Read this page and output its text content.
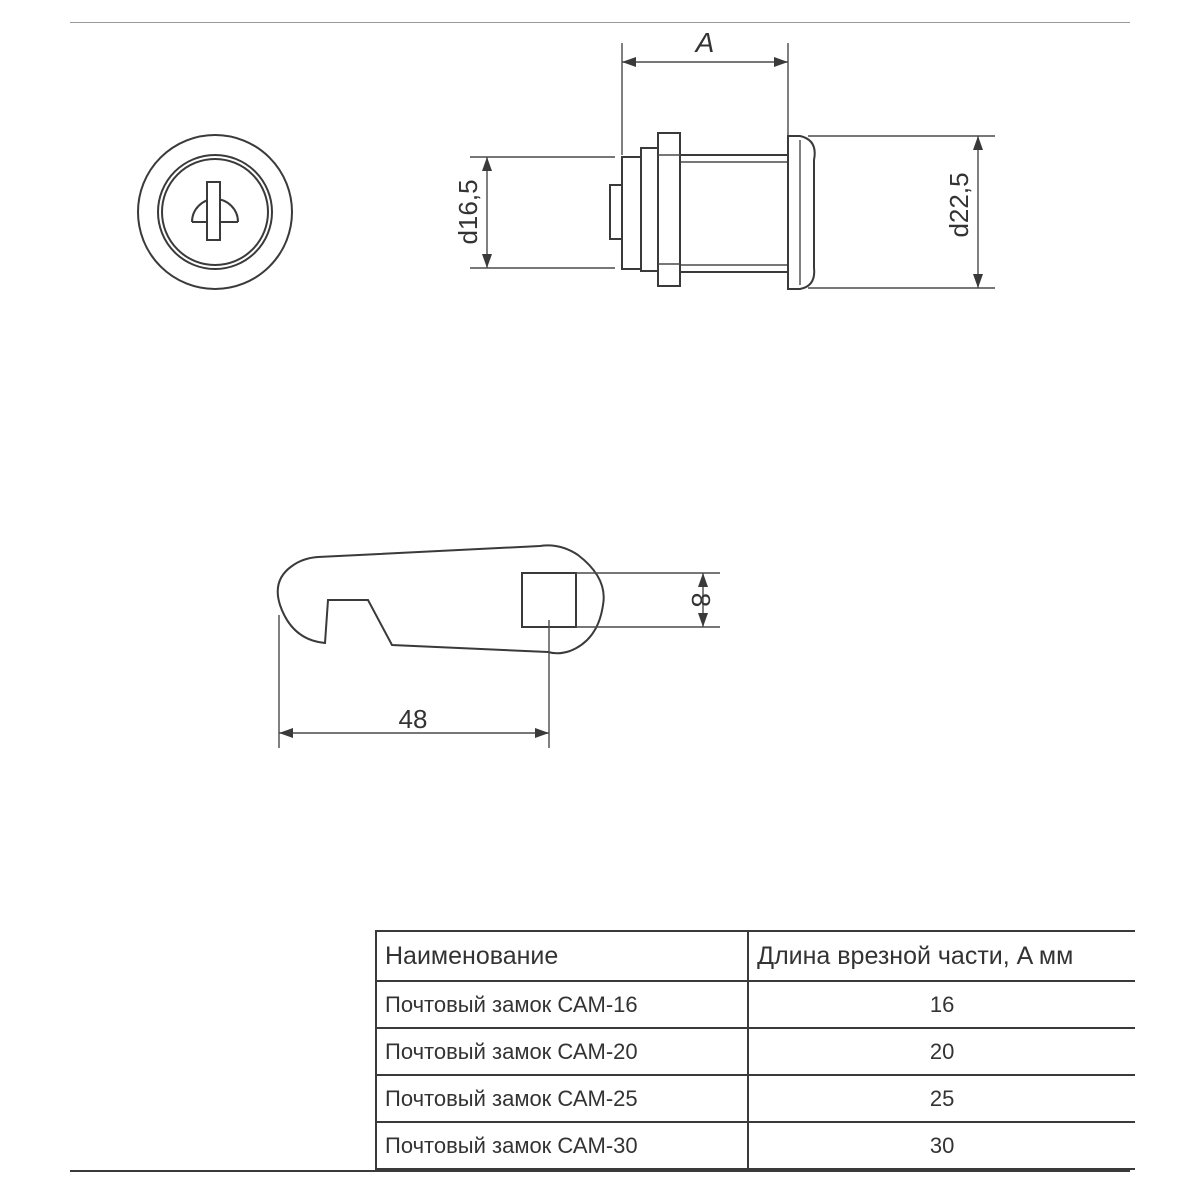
A
d16,5	d22,5
8
48
Наименование	Длина врезной части, A мм
Почтовый замок САМ-16	16
Почтовый замок САМ-20	20
Почтовый замок САМ-25	25
Почтовый замок САМ-30	30
